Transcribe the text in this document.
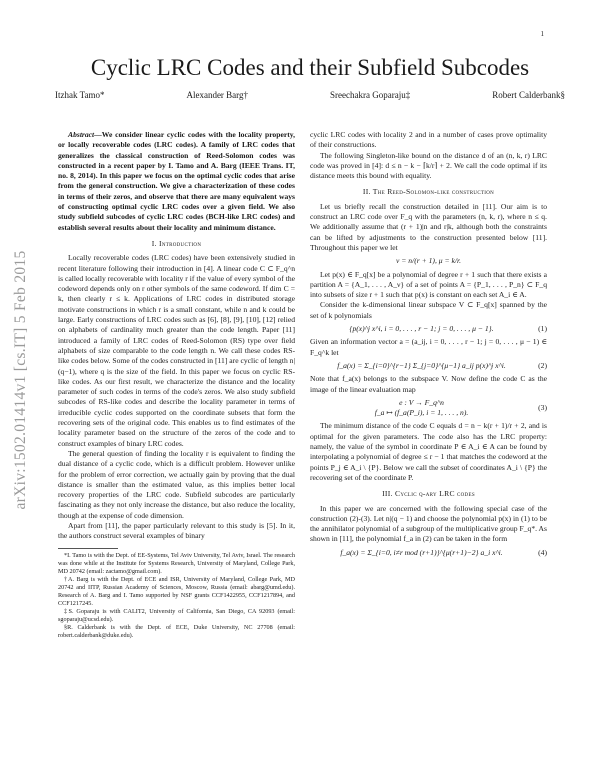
1
arXiv:1502.01414v1 [cs.IT] 5 Feb 2015
Cyclic LRC Codes and their Subfield Subcodes
Itzhak Tamo*	Alexander Barg†	Sreechakra Goparaju‡	Robert Calderbank§

Abstract—We consider linear cyclic codes with the locality property, or locally recoverable codes (LRC codes). A family of LRC codes that generalizes the classical construction of Reed-Solomon codes was constructed in a recent paper by I. Tamo and A. Barg (IEEE Trans. IT, no. 8, 2014). In this paper we focus on the optimal cyclic codes that arise from the general construction. We give a characterization of these codes in terms of their zeros, and observe that there are many equivalent ways of constructing optimal cyclic LRC codes over a given field. We also study subfield subcodes of cyclic LRC codes (BCH-like LRC codes) and establish several results about their locality and minimum distance.

I. Introduction

Locally recoverable codes (LRC codes) have been extensively studied in recent literature following their introduction in [4]. A linear code C ⊂ F_q^n is called locally recoverable with locality r if the value of every symbol of the codeword depends only on r other symbols of the same codeword. If dim C = k, then clearly r ≤ k. Applications of LRC codes in distributed storage motivate constructions in which r is a small constant, while n and k could be large. Early constructions of LRC codes such as [6], [8], [9], [10], [12] relied on alphabets of cardinality much greater than the code length. Paper [11] introduced a family of LRC codes of Reed-Solomon (RS) type over field alphabets of size comparable to the code length n. We call these codes RS-like codes below. Some of the codes constructed in [11] are cyclic of length n|(q−1), where q is the size of the field. In this paper we focus on cyclic RS-like codes. As our first result, we characterize the distance and the locality parameter of such codes in terms of the code's zeros. We also study subfield subcodes of RS-like codes and describe the locality parameter in terms of irreducible cyclic codes supported on the coordinate subsets that form the recovering sets of the original code. This enables us to find estimates of the locality parameter based on the structure of the zeros of the code and to construct examples of binary LRC codes.

The general question of finding the locality r is equivalent to finding the dual distance of a cyclic code, which is a difficult problem. However unlike for the problem of error correction, we actually gain by proving that the dual distance is smaller than the estimated value, as this implies better local recovery properties of the LRC code. Subfield subcodes are particularly fascinating as they not only increase the distance, but also reduce the locality, though at the expense of code dimension.

Apart from [11], the paper particularly relevant to this study is [5]. In it, the authors construct several examples of binary

*I. Tamo is with the Dept. of EE-Systems, Tel Aviv University, Tel Aviv, Israel. The research was done while at the Institute for Systems Research, University of Maryland, College Park, MD 20742 (email: zactamo@gmail.com).

†A. Barg is with the Dept. of ECE and ISR, University of Maryland, College Park, MD 20742 and IITP, Russian Academy of Sciences, Moscow, Russia (email: abarg@umd.edu). Research of A. Barg and I. Tamo supported by NSF grants CCF1422955, CCF1217894, and CCF1217245.

‡S. Goparaju is with CALIT2, University of California, San Diego, CA 92093 (email: sgoparaju@ucsd.edu).

§R. Calderbank is with the Dept. of ECE, Duke University, NC 27708 (email: robert.calderbank@duke.edu).

cyclic LRC codes with locality 2 and in a number of cases prove optimality of their constructions.

The following Singleton-like bound on the distance d of an (n, k, r) LRC code was proved in [4]: d ≤ n − k − ⌈k/r⌉ + 2. We call the code optimal if its distance meets this bound with equality.

II. The Reed-Solomon-like construction

Let us briefly recall the construction detailed in [11]. Our aim is to construct an LRC code over F_q with the parameters (n, k, r), where n ≤ q. We additionally assume that (r + 1)|n and r|k, although both the constraints can be lifted by adjustments to the construction presented below [11]. Throughout this paper we let

ν = n/(r + 1), μ = k/r.

Let p(x) ∈ F_q[x] be a polynomial of degree r + 1 such that there exists a partition A = {A_1, . . . , A_ν} of a set of points A = {P_1, . . . , P_n} ⊂ F_q into subsets of size r + 1 such that p(x) is constant on each set A_i ∈ A.

Consider the k-dimensional linear subspace V ⊂ F_q[x] spanned by the set of k polynomials

{p(x)^j x^i, i = 0, . . . , r − 1; j = 0, . . . , μ − 1}.	(1)

Given an information vector a = (a_ij, i = 0, . . . , r − 1; j = 0, . . . , μ − 1) ∈ F_q^k let

f_a(x) = Σ_{i=0}^{r−1} Σ_{j=0}^{μ−1} a_ij p(x)^j x^i.	(2)

Note that f_a(x) belongs to the subspace V. Now define the code C as the image of the linear evaluation map

e : V → F_q^n
f_a ↦ (f_a(P_i), i = 1, . . . , n).
(3)

The minimum distance of the code C equals d = n − k(r + 1)/r + 2, and is optimal for the given parameters. The code also has the LRC property: namely, the value of the symbol in coordinate P ∈ A_i ∈ A can be found by interpolating a polynomial of degree ≤ r − 1 that matches the codeword at the points P_j ∈ A_i \ {P}. Below we call the subset of coordinates A_i \ {P} the recovering set of the coordinate P.

III. Cyclic q-ary LRC codes

In this paper we are concerned with the following special case of the construction (2)-(3). Let n|(q − 1) and choose the polynomial p(x) in (1) to be the annihilator polynomial of a subgroup of the multiplicative group F_q*. As shown in [11], the polynomial f_a in (2) can be taken in the form

f_a(x) = Σ_{i=0, i≠r mod (r+1)}^{μ(r+1)−2} a_i x^i.	(4)
